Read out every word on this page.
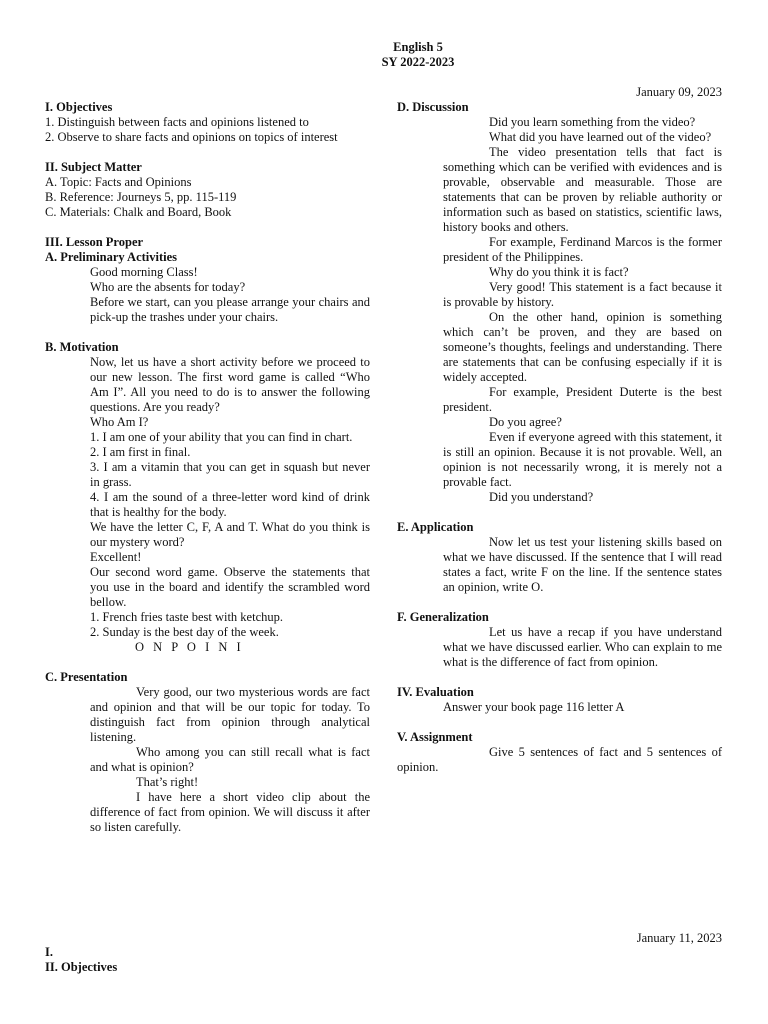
English 5
SY 2022-2023
January 09, 2023
I. Objectives

1. Distinguish between facts and opinions listened to

2. Observe to share facts and opinions on topics of interest

II. Subject Matter

A. Topic: Facts and Opinions

B. Reference: Journeys 5, pp. 115-119

C. Materials: Chalk and Board, Book

III. Lesson Proper
A. Preliminary Activities

Good morning Class!

Who are the absents for today?

Before we start, can you please arrange your chairs and pick-up the trashes under your chairs.

B. Motivation

Now, let us have a short activity before we proceed to our new lesson. The first word game is called “Who Am I”. All you need to do is to answer the following questions. Are you ready?

Who Am I?

1. I am one of your ability that you can find in chart.

2. I am first in final.

3. I am a vitamin that you can get in squash but never in grass.

4. I am the sound of a three-letter word kind of drink that is healthy for the body.

We have the letter C, F, A and T. What do you think is our mystery word?

Excellent!

Our second word game. Observe the statements that you use in the board and identify the scrambled word bellow.

1. French fries taste best with ketchup.

2. Sunday is the best day of the week.

O N P O I N I
C. Presentation

Very good, our two mysterious words are fact and opinion and that will be our topic for today. To distinguish fact from opinion through analytical listening.

Who among you can still recall what is fact and what is opinion?

That’s right!

I have here a short video clip about the difference of fact from opinion. We will discuss it after so listen carefully.

D. Discussion

Did you learn something from the video?

What did you have learned out of the video?

The video presentation tells that fact is something which can be verified with evidences and is provable, observable and measurable. Those are statements that can be proven by reliable authority or information such as based on statistics, scientific laws, history books and others.

For example, Ferdinand Marcos is the former president of the Philippines.

Why do you think it is fact?

Very good! This statement is a fact because it is provable by history.

On the other hand, opinion is something which can’t be proven, and they are based on someone’s thoughts, feelings and understanding. There are statements that can be confusing especially if it is widely accepted.

For example, President Duterte is the best president.

Do you agree?

Even if everyone agreed with this statement, it is still an opinion. Because it is not provable. Well, an opinion is not necessarily wrong, it is merely not a provable fact.

Did you understand?

E. Application

Now let us test your listening skills based on what we have discussed. If the sentence that I will read states a fact, write F on the line. If the sentence states an opinion, write O.

F. Generalization

Let us have a recap if you have understand what we have discussed earlier. Who can explain to me what is the difference of fact from opinion.

IV. Evaluation

Answer your book page 116 letter A

V. Assignment

Give 5 sentences of fact and 5 sentences of opinion.

January 11, 2023
I.
II. Objectives
